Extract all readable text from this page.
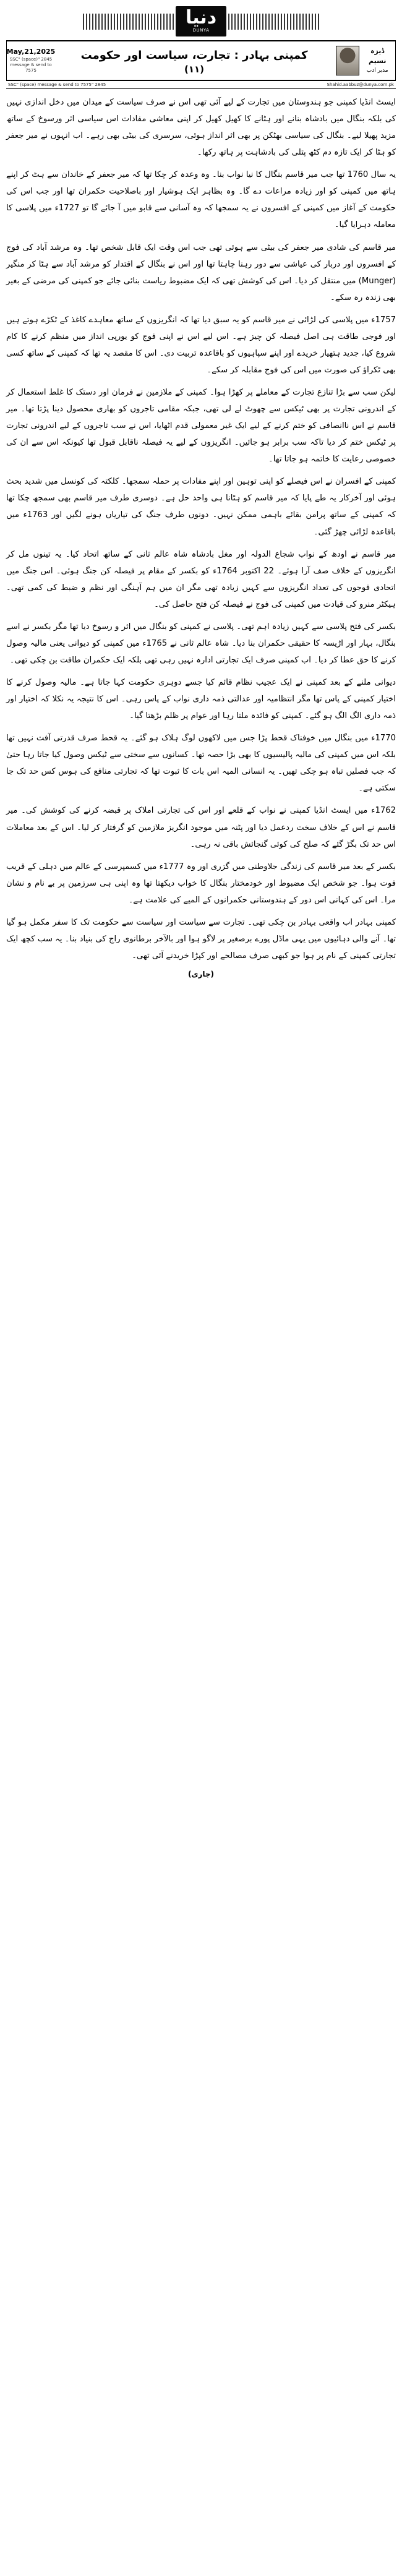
دنیا
DUNYA
ڈیزہ نسیم
مدیر ادب
کمپنی بہادر : تجارت، سیاست اور حکومت
(۱۱)
May,21,2025
2845 "SSC" (space) message & send to 7575
Shahid.aabbuz@dunya.com.pk
2845 "SSC" (space) message & send to 7575

ایسٹ انڈیا کمپنی جو ہندوستان میں تجارت کے لیے آئی تھی اس نے صرف سیاست کے میدان میں دخل اندازی نہیں کی بلکہ بنگال میں بادشاہ بنانے اور ہٹانے کا کھیل کھیل کر اپنی معاشی مفادات اس سیاسی اثر ورسوخ کے ساتھ مزید پھیلا لیے۔ بنگال کی سیاسی بھٹکن پر بھی اثر انداز ہوئی، سرسری کی بیٹی بھی رہے۔ اب انہوں نے میر جعفر کو ہٹا کر ایک تازہ دم کٹھ پتلی کی بادشاہت پر ہاتھ رکھا۔

یہ سال 1760 تھا جب میر قاسم بنگال کا نیا نواب بنا۔ وہ وعدہ کر چکا تھا کہ میر جعفر کے خاندان سے ہٹ کر اپنے ہاتھ میں کمپنی کو اور زیادہ مراعات دے گا۔ وہ بظاہر ایک ہوشیار اور باصلاحیت حکمران تھا اور جب اس کی حکومت کے آغاز میں کمپنی کے افسروں نے یہ سمجھا کہ وہ آسانی سے قابو میں آ جائے گا تو 1727ء میں پلاسی کا معاملہ دہرایا گیا۔

میر قاسم کی شادی میر جعفر کی بیٹی سے ہوئی تھی جب اس وقت ایک قابل شخص تھا۔ وہ مرشد آباد کی فوج کے افسروں اور دربار کی عیاشی سے دور رہنا چاہتا تھا اور اس نے بنگال کے اقتدار کو مرشد آباد سے ہٹا کر منگیر (Munger) میں منتقل کر دیا۔ اس کی کوشش تھی کہ ایک مضبوط ریاست بنائی جائے جو کمپنی کی مرضی کے بغیر بھی زندہ رہ سکے۔

1757ء میں پلاسی کی لڑائی نے میر قاسم کو یہ سبق دیا تھا کہ انگریزوں کے ساتھ معاہدے کاغذ کے ٹکڑے ہوتے ہیں اور فوجی طاقت ہی اصل فیصلہ کن چیز ہے۔ اس لیے اس نے اپنی فوج کو یورپی انداز میں منظم کرنے کا کام شروع کیا، جدید ہتھیار خریدے اور اپنے سپاہیوں کو باقاعدہ تربیت دی۔ اس کا مقصد یہ تھا کہ کمپنی کے ساتھ کسی بھی ٹکراؤ کی صورت میں اس کی فوج مقابلہ کر سکے۔

لیکن سب سے بڑا تنازع تجارت کے معاملے پر کھڑا ہوا۔ کمپنی کے ملازمین نے فرمان اور دستک کا غلط استعمال کر کے اندرونی تجارت پر بھی ٹیکس سے چھوٹ لے لی تھی، جبکہ مقامی تاجروں کو بھاری محصول دینا پڑتا تھا۔ میر قاسم نے اس ناانصافی کو ختم کرنے کے لیے ایک غیر معمولی قدم اٹھایا، اس نے سب تاجروں کے لیے اندرونی تجارت پر ٹیکس ختم کر دیا تاکہ سب برابر ہو جائیں۔ انگریزوں کے لیے یہ فیصلہ ناقابل قبول تھا کیونکہ اس سے ان کی خصوصی رعایت کا خاتمہ ہو جاتا تھا۔

کمپنی کے افسران نے اس فیصلے کو اپنی توہین اور اپنے مفادات پر حملہ سمجھا۔ کلکتہ کی کونسل میں شدید بحث ہوئی اور آخرکار یہ طے پایا کہ میر قاسم کو ہٹانا ہی واحد حل ہے۔ دوسری طرف میر قاسم بھی سمجھ چکا تھا کہ کمپنی کے ساتھ پرامن بقائے باہمی ممکن نہیں۔ دونوں طرف جنگ کی تیاریاں ہونے لگیں اور 1763ء میں باقاعدہ لڑائی چھڑ گئی۔

میر قاسم نے اودھ کے نواب شجاع الدولہ اور مغل بادشاہ شاہ عالم ثانی کے ساتھ اتحاد کیا۔ یہ تینوں مل کر انگریزوں کے خلاف صف آرا ہوئے۔ 22 اکتوبر 1764ء کو بکسر کے مقام پر فیصلہ کن جنگ ہوئی۔ اس جنگ میں اتحادی فوجوں کی تعداد انگریزوں سے کہیں زیادہ تھی مگر ان میں ہم آہنگی اور نظم و ضبط کی کمی تھی۔ ہیکٹر منرو کی قیادت میں کمپنی کی فوج نے فیصلہ کن فتح حاصل کی۔

بکسر کی فتح پلاسی سے کہیں زیادہ اہم تھی۔ پلاسی نے کمپنی کو بنگال میں اثر و رسوخ دیا تھا مگر بکسر نے اسے بنگال، بہار اور اڑیسہ کا حقیقی حکمران بنا دیا۔ شاہ عالم ثانی نے 1765ء میں کمپنی کو دیوانی یعنی مالیہ وصول کرنے کا حق عطا کر دیا۔ اب کمپنی صرف ایک تجارتی ادارہ نہیں رہی تھی بلکہ ایک حکمران طاقت بن چکی تھی۔

دیوانی ملنے کے بعد کمپنی نے ایک عجیب نظام قائم کیا جسے دوہری حکومت کہا جاتا ہے۔ مالیہ وصول کرنے کا اختیار کمپنی کے پاس تھا مگر انتظامیہ اور عدالتی ذمہ داری نواب کے پاس رہی۔ اس کا نتیجہ یہ نکلا کہ اختیار اور ذمہ داری الگ الگ ہو گئے۔ کمپنی کو فائدہ ملتا رہا اور عوام پر ظلم بڑھتا گیا۔

1770ء میں بنگال میں خوفناک قحط پڑا جس میں لاکھوں لوگ ہلاک ہو گئے۔ یہ قحط صرف قدرتی آفت نہیں تھا بلکہ اس میں کمپنی کی مالیہ پالیسیوں کا بھی بڑا حصہ تھا۔ کسانوں سے سختی سے ٹیکس وصول کیا جاتا رہا حتیٰ کہ جب فصلیں تباہ ہو چکی تھیں۔ یہ انسانی المیہ اس بات کا ثبوت تھا کہ تجارتی منافع کی ہوس کس حد تک جا سکتی ہے۔

1762ء میں ایسٹ انڈیا کمپنی نے نواب کے قلعے اور اس کی تجارتی املاک پر قبضہ کرنے کی کوشش کی۔ میر قاسم نے اس کے خلاف سخت ردعمل دیا اور پٹنہ میں موجود انگریز ملازمین کو گرفتار کر لیا۔ اس کے بعد معاملات اس حد تک بگڑ گئے کہ صلح کی کوئی گنجائش باقی نہ رہی۔

بکسر کے بعد میر قاسم کی زندگی جلاوطنی میں گزری اور وہ 1777ء میں کسمپرسی کے عالم میں دہلی کے قریب فوت ہوا۔ جو شخص ایک مضبوط اور خودمختار بنگال کا خواب دیکھتا تھا وہ اپنی ہی سرزمین پر بے نام و نشان مرا۔ اس کی کہانی اس دور کے ہندوستانی حکمرانوں کے المیے کی علامت ہے۔

کمپنی بہادر اب واقعی بہادر بن چکی تھی۔ تجارت سے سیاست اور سیاست سے حکومت تک کا سفر مکمل ہو گیا تھا۔ آنے والی دہائیوں میں یہی ماڈل پورے برصغیر پر لاگو ہوا اور بالآخر برطانوی راج کی بنیاد بنا۔ یہ سب کچھ ایک تجارتی کمپنی کے نام پر ہوا جو کبھی صرف مصالحے اور کپڑا خریدنے آئی تھی۔

(جاری)
